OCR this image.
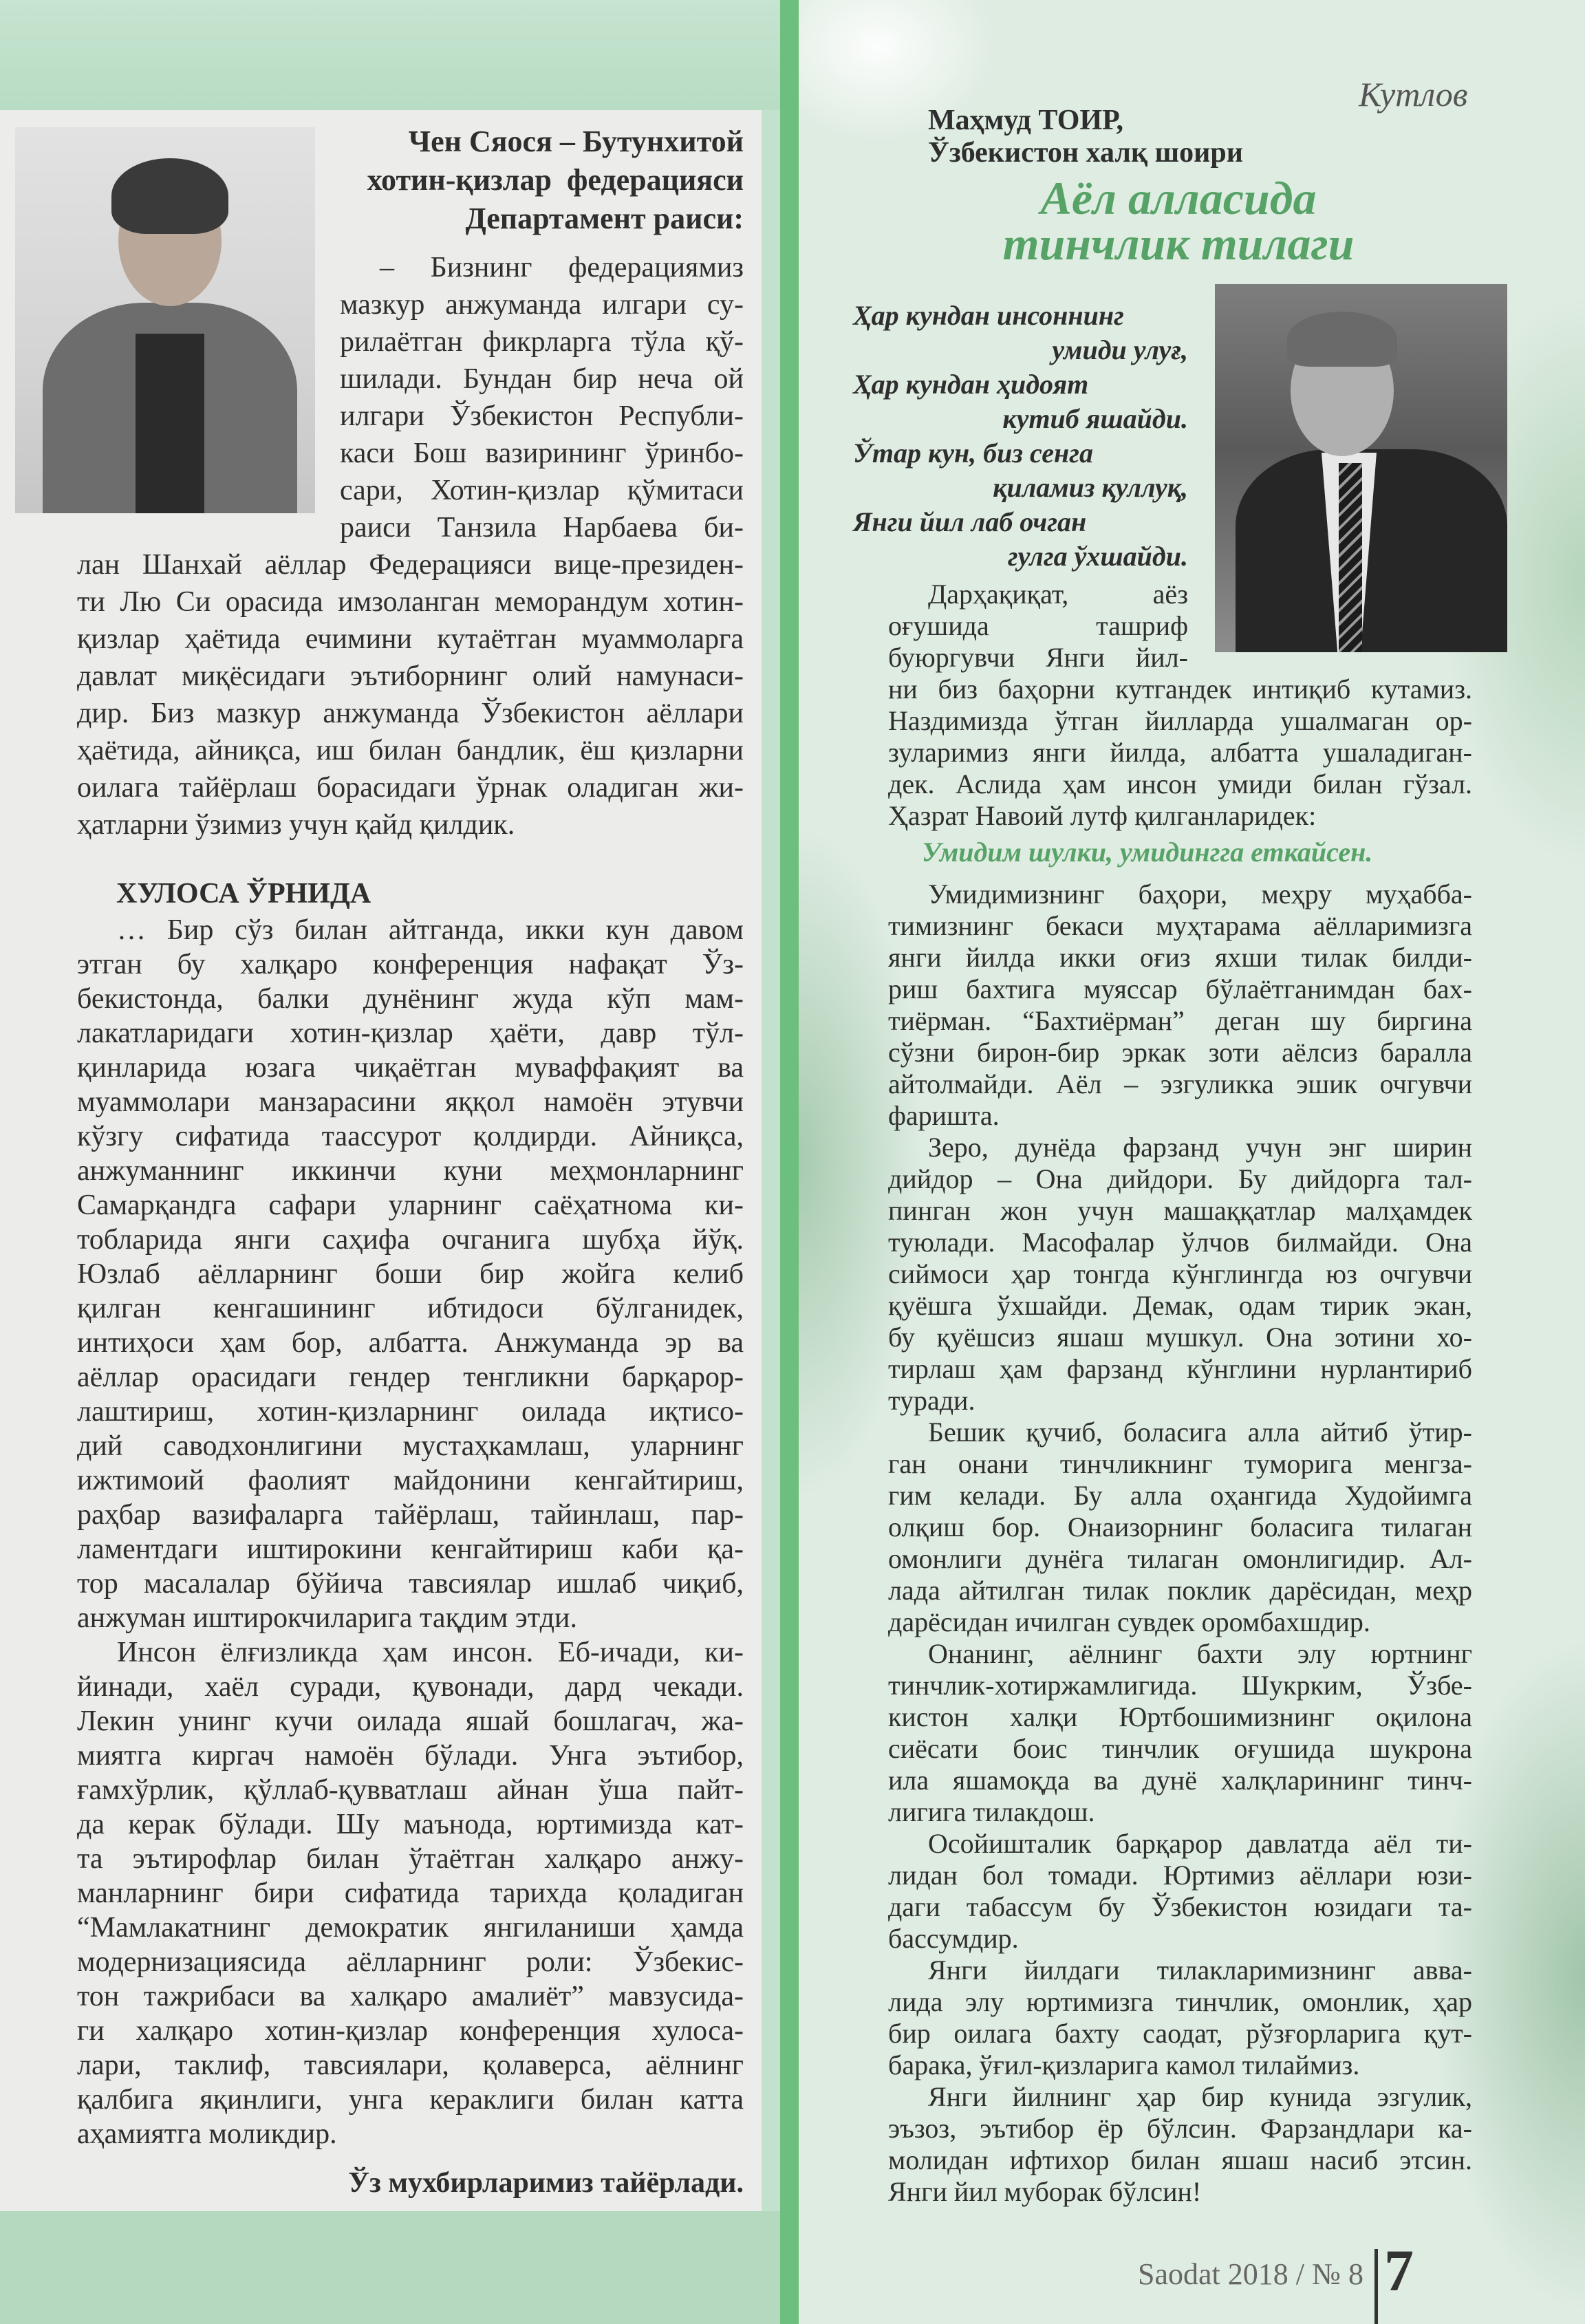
Чен Сяося – Бутунхитой
хотин-қизлар  федерацияси
Департамент раиси:
– Бизнинг федерациямиз
мазкур анжуманда илгари су-
рилаётган фикрларга тўла қў-
шилади. Бундан бир неча ой
илгари Ўзбекистон Республи-
каси Бош вазирининг ўринбо-
сари, Хотин-қизлар қўмитаси
раиси Танзила Нарбаева би-
лан Шанхай аёллар Федерацияси вице-президен-
ти Лю Си орасида имзоланган меморандум хотин-
қизлар ҳаётида ечимини кутаётган муаммоларга
давлат миқёсидаги эътиборнинг олий намунаси-
дир. Биз мазкур анжуманда Ўзбекистон аёллари
ҳаётида, айниқса, иш билан бандлик, ёш қизларни
оилага тайёрлаш борасидаги ўрнак оладиган жи-
ҳатларни ўзимиз учун қайд қилдик.
ХУЛОСА ЎРНИДА
… Бир сўз билан айтганда, икки кун давом
этган бу халқаро конференция нафақат Ўз-
бекистонда, балки дунёнинг жуда кўп мам-
лакатларидаги хотин-қизлар ҳаёти, давр тўл-
қинларида юзага чиқаётган муваффақият ва
муаммолари манзарасини яққол намоён этувчи
кўзгу сифатида таассурот қолдирди. Айниқса,
анжуманнинг иккинчи куни меҳмонларнинг
Самарқандга сафари уларнинг саёҳатнома ки-
тобларида янги саҳифа очганига шубҳа йўқ.
Юзлаб аёлларнинг боши бир жойга келиб
қилган кенгашининг ибтидоси бўлганидек,
интиҳоси ҳам бор, албатта. Анжуманда эр ва
аёллар орасидаги гендер тенгликни барқарор-
лаштириш, хотин-қизларнинг оилада иқтисо-
дий саводхонлигини мустаҳкамлаш, уларнинг
ижтимоий фаолият майдонини кенгайтириш,
раҳбар вазифаларга тайёрлаш, тайинлаш, пар-
ламентдаги иштирокини кенгайтириш каби қа-
тор масалалар бўйича тавсиялар ишлаб чиқиб,
анжуман иштирокчиларига тақдим этди.
Инсон ёлғизликда ҳам инсон. Еб-ичади, ки-
йинади, хаёл суради, қувонади, дард чекади.
Лекин унинг кучи оилада яшай бошлагач, жа-
миятга киргач намоён бўлади. Унга эътибор,
ғамхўрлик, қўллаб-қувватлаш айнан ўша пайт-
да керак бўлади. Шу маънода, юртимизда кат-
та эътирофлар билан ўтаётган халқаро анжу-
манларнинг бири сифатида тарихда қоладиган
“Мамлакатнинг демократик янгиланиши ҳамда
модернизациясида аёлларнинг роли: Ўзбекис-
тон тажрибаси ва халқаро амалиёт” мавзусида-
ги халқаро хотин-қизлар конференция хулоса-
лари, таклиф, тавсиялари, қолаверса, аёлнинг
қалбига яқинлиги, унга кераклиги билан катта
аҳамиятга моликдир.
Ўз мухбирларимиз тайёрлади.
Кутлов
Маҳмуд ТОИР,
Ўзбекистон халқ шоири
Аёл алласида
тинчлик тилаги
Ҳар кундан инсоннинг
умиди улуғ,
Ҳар кундан ҳидоят
кутиб яшайди.
Ўтар кун, биз сенга
қиламиз қуллуқ,
Янги йил лаб очган
гулга ўхшайди.
Дарҳақиқат, аёз
оғушида ташриф
буюргувчи Янги йил-
ни биз баҳорни кутгандек интиқиб кутамиз.
Наздимизда ўтган йилларда ушалмаган ор-
зуларимиз янги йилда, албатта ушаладиган-
дек. Аслида ҳам инсон умиди билан гўзал.
Ҳазрат Навоий лутф қилганларидек:
Умидим шулки, умидингга еткайсен.
Умидимизнинг баҳори, меҳру муҳабба-
тимизнинг бекаси муҳтарама аёлларимизга
янги йилда икки оғиз яхши тилак билди-
риш бахтига муяссар бўлаётганимдан бах-
тиёрман. “Бахтиёрман” деган шу биргина
сўзни бирон-бир эркак зоти аёлсиз баралла
айтолмайди. Аёл – эзгуликка эшик очгувчи
фаришта.
Зеро, дунёда фарзанд учун энг ширин
дийдор – Она дийдори. Бу дийдорга тал-
пинган жон учун машаққатлар малҳамдек
туюлади. Масофалар ўлчов билмайди. Она
сиймоси ҳар тонгда кўнглингда юз очгувчи
қуёшга ўхшайди. Демак, одам тирик экан,
бу қуёшсиз яшаш мушкул. Она зотини хо-
тирлаш ҳам фарзанд кўнглини нурлантириб
туради.
Бешик қучиб, боласига алла айтиб ўтир-
ган онани тинчликнинг туморига менгза-
гим келади. Бу алла оҳангида Худойимга
олқиш бор. Онаизорнинг боласига тилаган
омонлиги дунёга тилаган омонлигидир. Ал-
лада айтилган тилак поклик дарёсидан, меҳр
дарёсидан ичилган сувдек оромбахшдир.
Онанинг, аёлнинг бахти элу юртнинг
тинчлик-хотиржамлигида. Шукрким, Ўзбе-
кистон халқи Юртбошимизнинг оқилона
сиёсати боис тинчлик оғушида шукрона
ила яшамоқда ва дунё халқларининг тинч-
лигига тилакдош.
Осойишталик барқарор давлатда аёл ти-
лидан бол томади. Юртимиз аёллари юзи-
даги табассум бу Ўзбекистон юзидаги та-
бассумдир.
Янги йилдаги тилакларимизнинг авва-
лида элу юртимизга тинчлик, омонлик, ҳар
бир оилага бахту саодат, рўзғорларига қут-
барака, ўғил-қизларига камол тилаймиз.
Янги йилнинг ҳар бир кунида эзгулик,
эъзоз, эътибор ёр бўлсин. Фарзандлари ка-
молидан ифтихор билан яшаш насиб этсин.
Янги йил муборак бўлсин!
Saodat 2018 / № 8 7
